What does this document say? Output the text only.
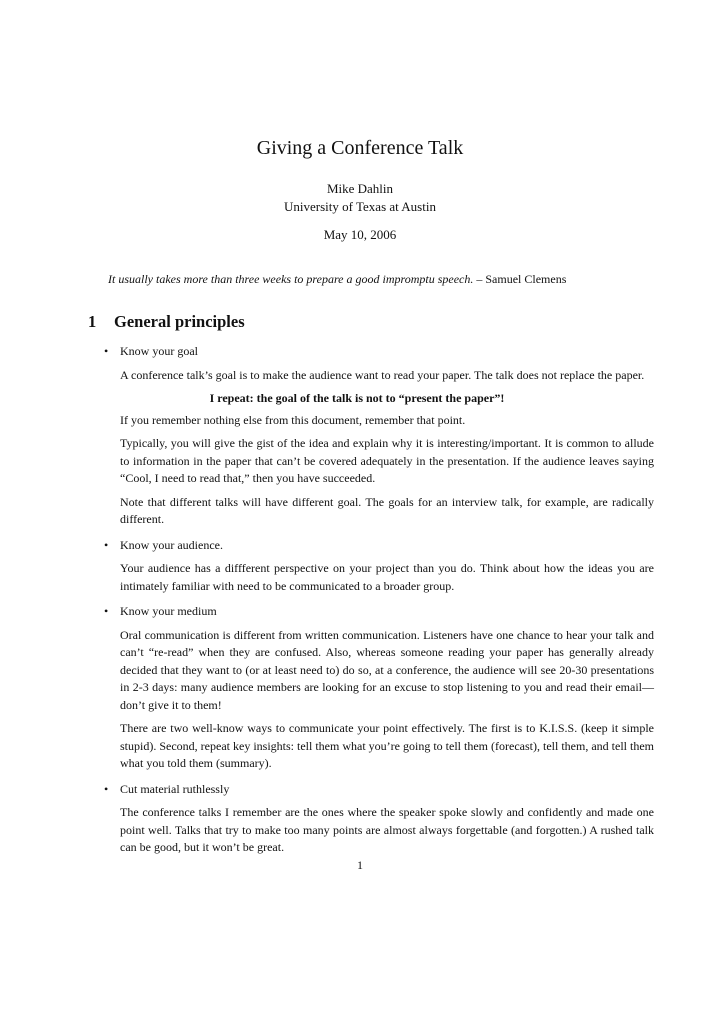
Giving a Conference Talk
Mike Dahlin
University of Texas at Austin
May 10, 2006
It usually takes more than three weeks to prepare a good impromptu speech. – Samuel Clemens
1 General principles
• Know your goal

A conference talk’s goal is to make the audience want to read your paper. The talk does not replace the paper.

I repeat: the goal of the talk is not to “present the paper”!

If you remember nothing else from this document, remember that point.

Typically, you will give the gist of the idea and explain why it is interesting/important. It is common to allude to information in the paper that can’t be covered adequately in the presentation. If the audience leaves saying “Cool, I need to read that,” then you have succeeded.

Note that different talks will have different goal. The goals for an interview talk, for example, are radically different.

• Know your audience.

Your audience has a diffferent perspective on your project than you do. Think about how the ideas you are intimately familiar with need to be communicated to a broader group.

• Know your medium

Oral communication is different from written communication. Listeners have one chance to hear your talk and can’t “re-read” when they are confused. Also, whereas someone reading your paper has generally already decided that they want to (or at least need to) do so, at a conference, the audience will see 20-30 presentations in 2-3 days: many audience members are looking for an excuse to stop listening to you and read their email—don’t give it to them!

There are two well-know ways to communicate your point effectively. The first is to K.I.S.S. (keep it simple stupid). Second, repeat key insights: tell them what you’re going to tell them (forecast), tell them, and tell them what you told them (summary).

• Cut material ruthlessly

The conference talks I remember are the ones where the speaker spoke slowly and confidently and made one point well. Talks that try to make too many points are almost always forgettable (and forgotten.) A rushed talk can be good, but it won’t be great.

1
